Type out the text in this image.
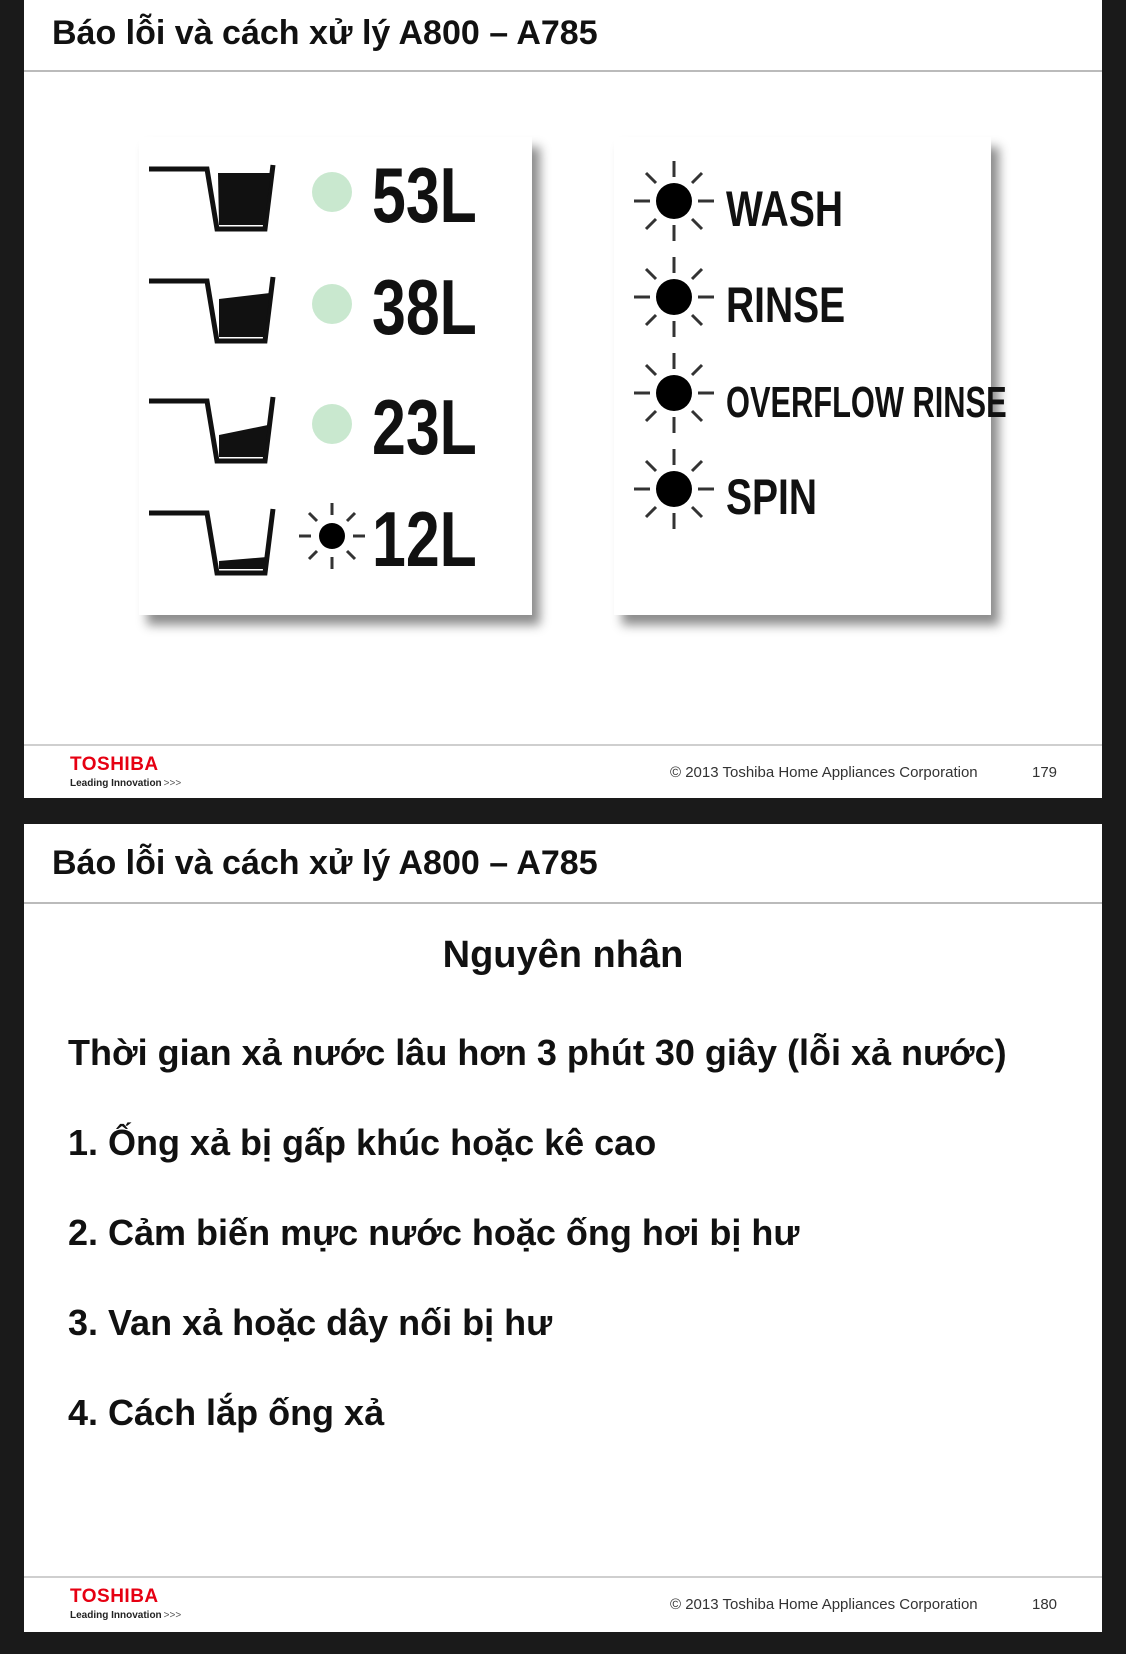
Báo lỗi và cách xử lý A800 – A785
53L
38L
23L
12L
WASH
RINSE
OVERFLOW RINSE
SPIN
TOSHIBA
Leading Innovation >>>
© 2013 Toshiba Home Appliances Corporation	179
Báo lỗi và cách xử lý A800 – A785
Nguyên nhân
Thời gian xả nước lâu hơn 3 phút 30 giây (lỗi xả nước)
1. Ống xả bị gấp khúc hoặc kê cao
2. Cảm biến mực nước hoặc ống hơi bị hư
3. Van xả hoặc dây nối bị hư
4. Cách lắp ống xả
TOSHIBA
Leading Innovation >>>
© 2013 Toshiba Home Appliances Corporation	180
